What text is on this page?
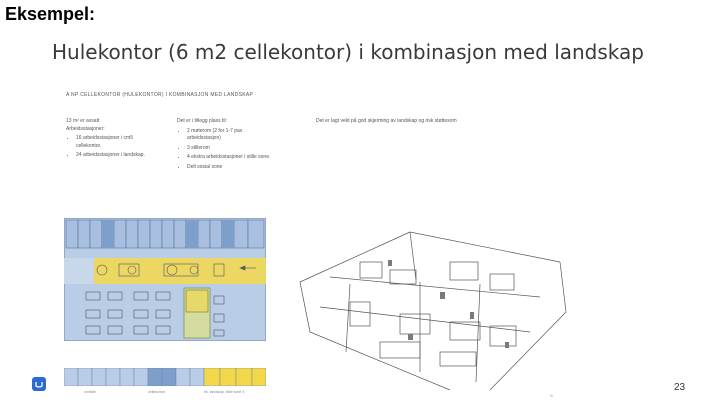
Eksempel:
Hulekontor (6 m2 cellekontor) i kombinasjon med landskap
A NP CELLEKONTOR (HULEKONTOR) I KOMBINASJON MED LANDSKAP
13 m² er avsatt
Arbeidsstasjoner:
• 16 arbeidsstasjoner i cm5 cellekontor.
• 24 arbeidsstasjoner i landskap.
Det er i tillegg plass til:
• 2 møterom (2 for 1-7 pax arbeidsstasjon)
• 3 stillerom
• 4 ekstra arbeidsstasjoner i stille sone.
• Delt sosial sone
Det er lagt vekt på god skjerming av landskap og risk støttesom
område	cellekontor	bh, landskap, stille sone 3
Ill.
23
